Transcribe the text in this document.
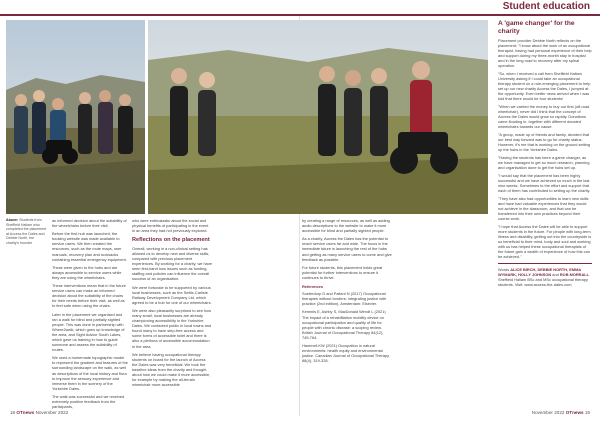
Student education
Above: Students from Sheffield Hallam who completed the placement at Access the Dales and Debbie North, the charity's founder

an informed decision about the suitability of the wheelchairs before their visit.

Before the first hub was launched, the booking website was made available to service users. We then created the resources, such as the route maps, user manuals, recovery plan and rucksacks containing essential emergency equipment.

These were given to the hubs and are always accessible to service users while they are using the wheelchairs.

These interventions mean that in the future service users can make an informed decision about the suitability of the chairs for their needs before their visit, as well as to feel safe when using the chairs.

Later in the placement we organised and ran a walk for blind and partially sighted people. This was done in partnership with Where2walk, which goes up knowledge of the area, and Sight Advice South Lakes, which gave us training in how to guide someone and assess the suitability of routes.

We used a homemade topographic model to represent the gradient and features of the surrounding landscape on the walk, as well as descriptions of the local history and flora to improve the sensory experience and immerse them in the scenery of the Yorkshire Dales.

The walk was successful and we received extremely positive feedback from the participants,

who were enthusiastic about the social and physical benefits of participating in the event in an area they had not previously explored.

Reflections on the placement

Overall, working in a non-clinical setting has allowed us to develop new and diverse skills, compared with previous placement experiences. By working for a charity, we have seen first-hand how issues such as funding, staffing and policies can influence the overall success of an organisation.

We were fortunate to be supported by various local businesses, such as the Settle-Carlisle Railway Development Company Ltd, which agreed to be a hub for one of our wheelchairs.

We were also pleasantly surprised to see how many small, local businesses are already championing accessibility in the Yorkshire Dales. We contacted public in local towns and found many to have step-free access and some forms of accessible toilet and there is also a plethora of accessible accommodation in the area.

We believe having occupational therapy students on board for the launch of Access the Dales was very beneficial. We took the baseline ideas from the charity and thought about how we could make it more accessible, for example by making the all-terrain wheelchair more accessible

by creating a range of resources, as well as adding audio descriptions to the website to make it more accessible for blind and partially sighted people.

As a charity, Access the Dales has the potential to reach service users far and wide. The focus in the immediate future is launching the rest of the hubs and getting as many service users to come and give feedback as possible.

For future students, this placement holds great potential for further interventions to ensure it continues to thrive.

References

Soeterdorp D and Pallant N (2017) Occupational therapies without borders: integrating justice with practice (2nd edition). Amsterdam: Elsevier.

Kemmis E, Ashby S, MacDonald Wendt L (2021) The impact of a rehabilitation mobility device on occupational participation and quality of life for people with chronic disease: a scoping review. British Journal of Occupational Therapy 84(12), 745-764.

Hammell KW (2021) Occupation in natural environments: health equity and environmental justice. Canadian Journal of Occupational Therapy 88(4), 319-328.

A 'game changer' for the charity

Placement provider Debbie North reflects on the placement: "I know about the work of an occupational therapist, having had personal experience of their help and support during my three-month stay in hospital and in the long road to recovery after my spinal operation.

"So, when I received a call from Sheffield Hallam University asking if I could take an occupational therapy student on a role-emerging placement to help set up our new charity Access the Dales, I jumped at the opportunity. Even better news arrived when I was told that there would be four students!

"When we carried the money to buy our first (off-road wheelchair), never did I think that the concept of Access the Dales would grow so rapidly. Donations came flooding in, together with different donated wheelchairs towards our cause.

"A group, made up of friends and family, decided that our best way forward was to go for charity status. However, it's me that is working on the ground setting up the hubs in the Yorkshire Dales.

"Having the students has been a game changer, as we have managed to get so much research, planning and organisation done to get the hubs set up.

"I would say that the placement has been highly successful and we have achieved so much in the last nine weeks. Sometimes to the effort and support that each of them has contributed to setting up the charity.

"They have also had opportunities to learn new skills and have had valuable experiences that they would not achieve in the classroom, and that can be transferred into their own practices beyond their course work.

"I hope that Access the Dales will be able to support more students in the future. For people with long-term illness and disability, getting out into the countryside is so beneficial to their mind, body and soul and working with us has helped these occupational therapists of the future gain a wealth of experience of how this can be achieved."

Words ALICE BIRCH, DEBBIE NORTH, EMMA WYMARK, HOLLY JOHNSON and ROB MORRALL. Sheffield Hallam BSc and MSc occupational therapy students. Visit: www.access-the-dales.com
18 OTnews November 2022	November 2022 OTnews 19
